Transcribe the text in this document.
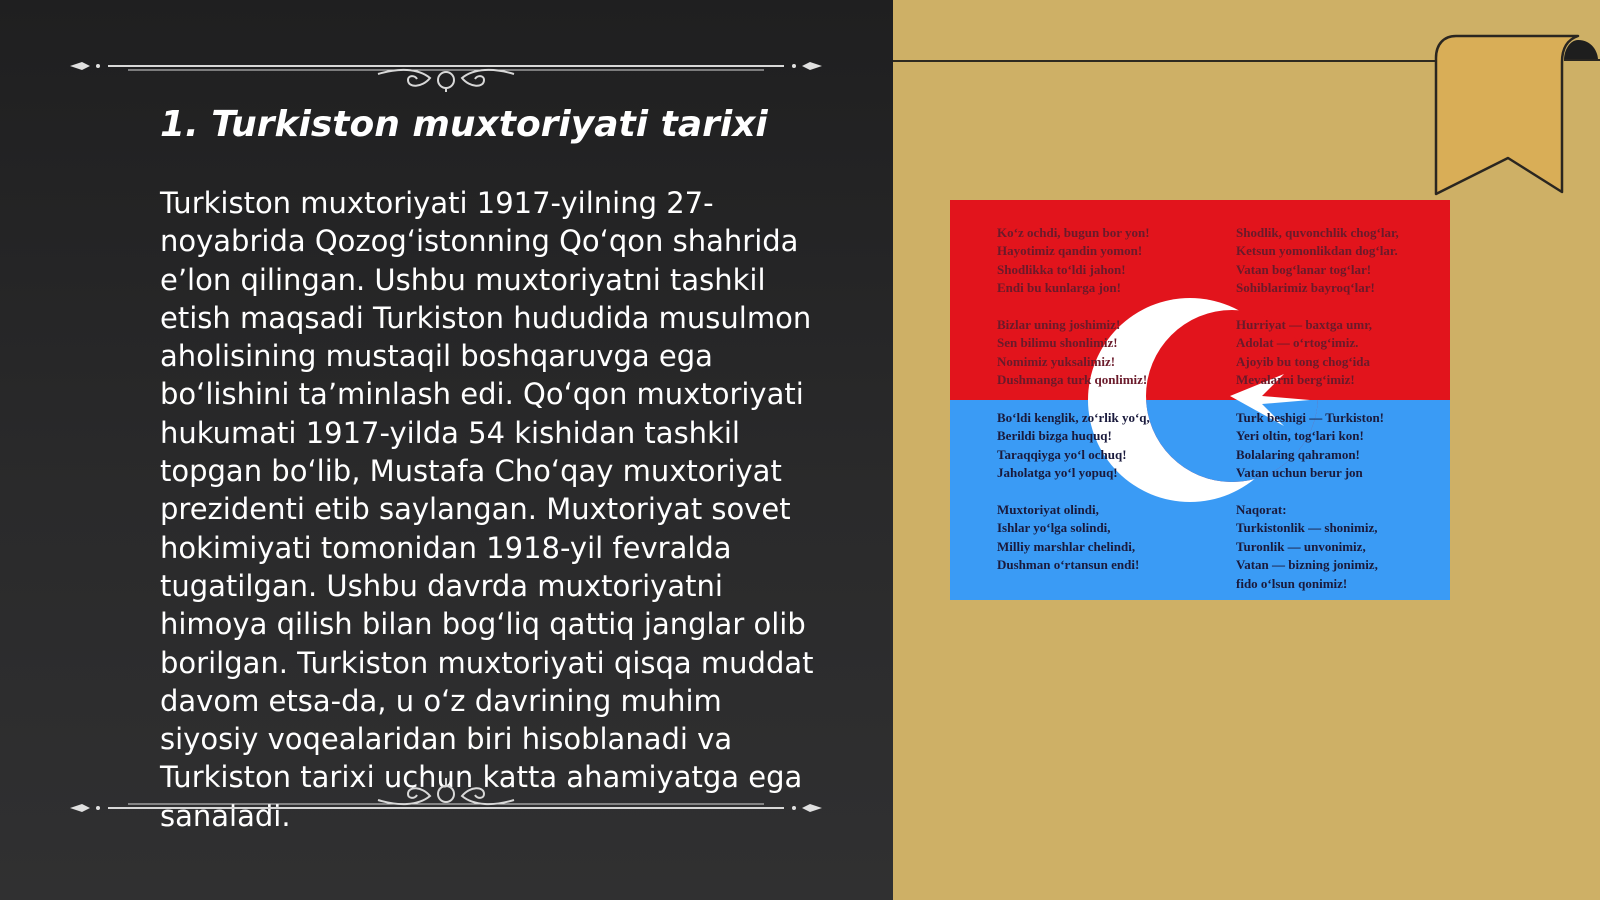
1. Turkiston muxtoriyati tarixi

Turkiston muxtoriyati 1917-yilning 27-noyabrida Qozog‘istonning Qo‘qon shahrida e’lon qilingan. Ushbu muxtoriyatni tashkil etish maqsadi Turkiston hududida musulmon aholisining mustaqil boshqaruvga ega bo‘lishini ta’minlash edi. Qo‘qon muxtoriyati hukumati 1917-yilda 54 kishidan tashkil topgan bo‘lib, Mustafa Cho‘qay muxtoriyat prezidenti etib saylangan. Muxtoriyat sovet hokimiyati tomonidan 1918-yil fevralda tugatilgan. Ushbu davrda muxtoriyatni himoya qilish bilan bog‘liq qattiq janglar olib borilgan. Turkiston muxtoriyati qisqa muddat davom etsa-da, u o‘z davrining muhim siyosiy voqealaridan biri hisoblanadi va Turkiston tarixi uchun katta ahamiyatga ega sanaladi.

Ko‘z ochdi, bugun bor yon!
Hayotimiz qandin yomon!
Shodlikka to‘ldi jahon!
Endi bu kunlarga jon!

Shodlik, quvonchlik chog‘lar,
Ketsun yomonlikdan dog‘lar.
Vatan bog‘lanar tog‘lar!
Sohiblarimiz bayroq‘lar!

Bizlar uning joshimiz!
Sen bilimu shonlimiz!
Nomimiz yuksalimiz!
Dushmanga turk qonlimiz!

Hurriyat — baxtga umr,
Adolat — o‘rtog‘imiz.
Ajoyib bu tong chog‘ida
Mevalarni berg‘imiz!

Bo‘ldi kenglik, zo‘rlik yo‘q,
Berildi bizga huquq!
Taraqqiyga yo‘l ochuq!
Jaholatga yo‘l yopuq!

Turk beshigi — Turkiston!
Yeri oltin, tog‘lari kon!
Bolalaring qahramon!
Vatan uchun berur jon

Muxtoriyat olindi,
Ishlar yo‘lga solindi,
Milliy marshlar chelindi,
Dushman o‘rtansun endi!

Naqorat:
Turkistonlik — shonimiz,
Turonlik — unvonimiz,
Vatan — bizning jonimiz,
fido o‘lsun qonimiz!
